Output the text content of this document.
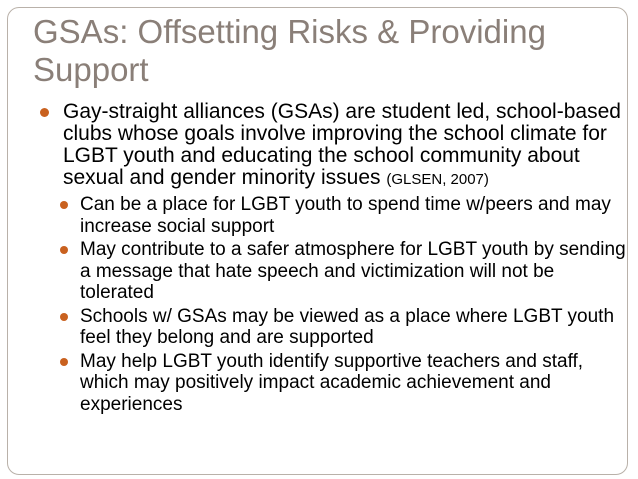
GSAs: Offsetting Risks & Providing Support
Gay-straight alliances (GSAs) are student led, school-based clubs whose goals involve improving the school climate for LGBT youth and educating the school community about sexual and gender minority issues (GLSEN, 2007)
Can be a place for LGBT youth to spend time w/peers and may increase social support
May contribute to a safer atmosphere for LGBT youth by sending a message that hate speech and victimization will not be tolerated
Schools w/ GSAs may be viewed as a place where LGBT youth feel they belong and are supported
May help LGBT youth identify supportive teachers and staff, which may positively impact academic achievement and experiences
